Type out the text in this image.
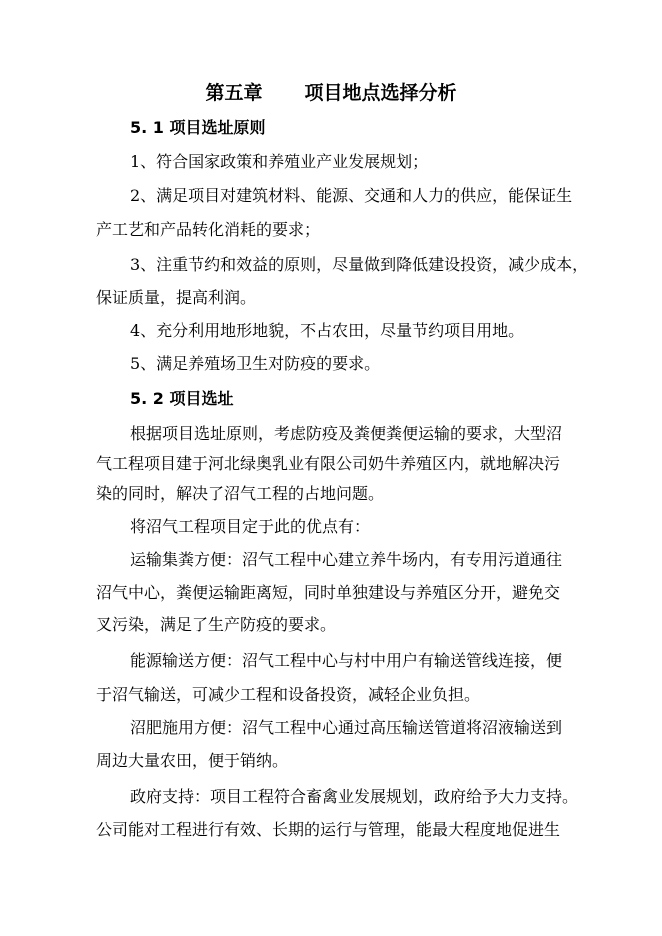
第五章 项目地点选择分析
5. 1 项目选址原则
1、符合国家政策和养殖业产业发展规划；
2、满足项目对建筑材料、能源、交通和人力的供应，能保证生
产工艺和产品转化消耗的要求；
3、注重节约和效益的原则，尽量做到降低建设投资，减少成本，
保证质量，提高利润。
4、充分利用地形地貌，不占农田，尽量节约项目用地。
5、满足养殖场卫生对防疫的要求。
5. 2 项目选址
根据项目选址原则，考虑防疫及粪便粪便运输的要求，大型沼
气工程项目建于河北绿奥乳业有限公司奶牛养殖区内，就地解决污
染的同时，解决了沼气工程的占地问题。
将沼气工程项目定于此的优点有：
运输集粪方便：沼气工程中心建立养牛场内，有专用污道通往
沼气中心，粪便运输距离短，同时单独建设与养殖区分开，避免交
叉污染，满足了生产防疫的要求。
能源输送方便：沼气工程中心与村中用户有输送管线连接，便
于沼气输送，可减少工程和设备投资，减轻企业负担。
沼肥施用方便：沼气工程中心通过高压输送管道将沼液输送到
周边大量农田，便于销纳。
政府支持：项目工程符合畜禽业发展规划，政府给予大力支持。
公司能对工程进行有效、长期的运行与管理，能最大程度地促进生
